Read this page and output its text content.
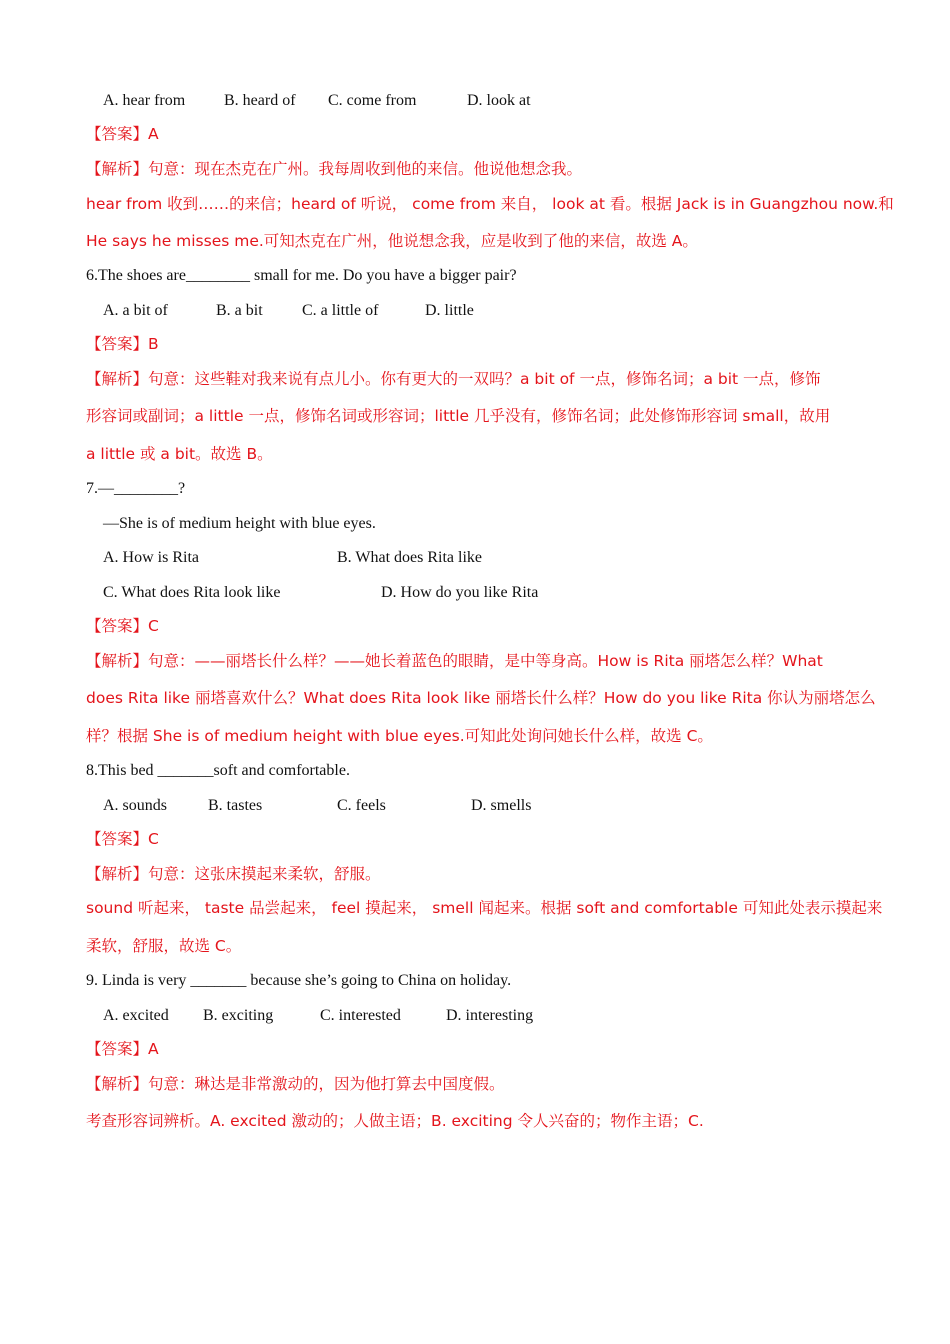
A. hear from B. heard of C. come from	D. look at
【答案】A
【解析】句意：现在杰克在广州。我每周收到他的来信。他说他想念我。
hear from 收到……的来信；heard of 听说， come from 来自， look at 看。根据 Jack is in Guangzhou now.和
He says he misses me.可知杰克在广州，他说想念我，应是收到了他的来信，故选 A。
6.The shoes are________ small for me. Do you have a bigger pair?
A. a bit of	B. a bit C. a little of	D. little
【答案】B
【解析】句意：这些鞋对我来说有点儿小。你有更大的一双吗？a bit of 一点，修饰名词；a bit 一点，修饰
形容词或副词；a little 一点，修饰名词或形容词；little 几乎没有，修饰名词；此处修饰形容词 small，故用
a little 或 a bit。故选 B。
7.—________?
—She is of medium height with blue eyes.
A. How is Rita	B. What does Rita like
C. What does Rita look like	D. How do you like Rita
【答案】C
【解析】句意：——丽塔长什么样？——她长着蓝色的眼睛，是中等身高。How is Rita 丽塔怎么样？What
does Rita like 丽塔喜欢什么？What does Rita look like 丽塔长什么样？How do you like Rita 你认为丽塔怎么
样？根据 She is of medium height with blue eyes.可知此处询问她长什么样，故选 C。
8.This bed _______soft and comfortable.
A. sounds	B. tastes	C. feels	D. smells
【答案】C
【解析】句意：这张床摸起来柔软，舒服。
sound 听起来， taste 品尝起来， feel 摸起来， smell 闻起来。根据 soft and comfortable 可知此处表示摸起来
柔软，舒服，故选 C。
9. Linda is very _______ because she’s going to China on holiday.
A. excited B. exciting	C. interested	D. interesting
【答案】A
【解析】句意：琳达是非常激动的，因为他打算去中国度假。
考查形容词辨析。A. excited 激动的；人做主语；B. exciting 令人兴奋的；物作主语；C.
